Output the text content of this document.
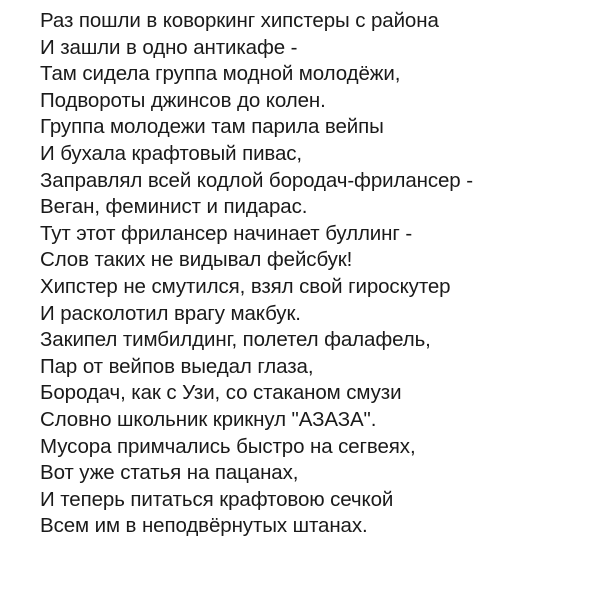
Раз пошли в коворкинг хипстеры с района
И зашли в одно антикафе -
Там сидела группа модной молодёжи,
Подвороты джинсов до колен.
Группа молодежи там парила вейпы
И бухала крафтовый пивас,
Заправлял всей кодлой бородач-фрилансер -
Веган, феминист и пидарас.
Тут этот фрилансер начинает буллинг -
Слов таких не видывал фейсбук!
Хипстер не смутился, взял свой гироскутер
И расколотил врагу макбук.
Закипел тимбилдинг, полетел фалафель,
Пар от вейпов выедал глаза,
Бородач, как с Узи, со стаканом смузи
Словно школьник крикнул "АЗАЗА".
Мусора примчались быстро на сегвеях,
Вот уже статья на пацанах,
И теперь питаться крафтовою сечкой
Всем им в неподвёрнутых штанах.
